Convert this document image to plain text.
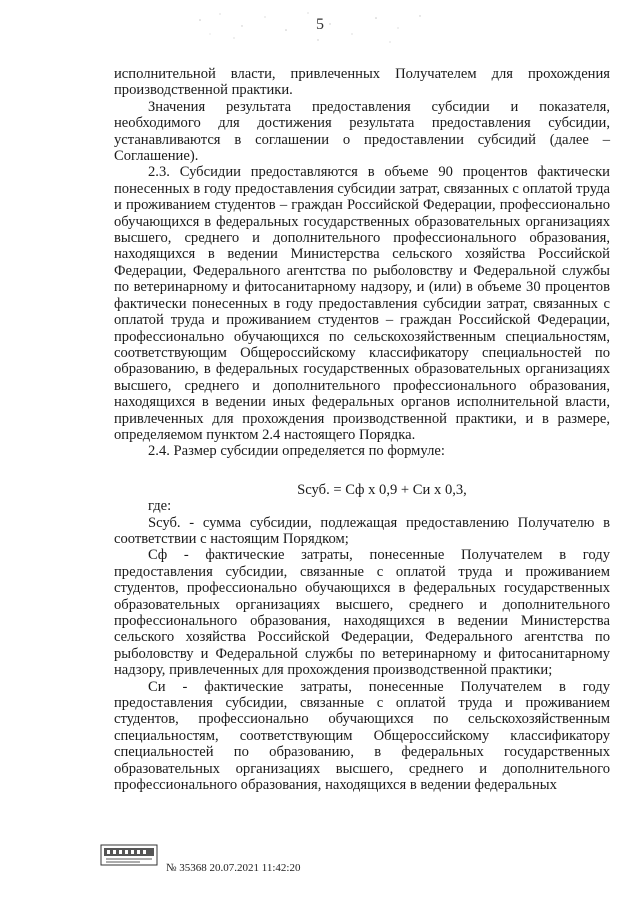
5

исполнительной власти, привлеченных Получателем для прохождения производственной практики.

Значения результата предоставления субсидии и показателя, необходимого для достижения результата предоставления субсидии, устанавливаются в соглашении о предоставлении субсидий (далее – Соглашение).

2.3. Субсидии предоставляются в объеме 90 процентов фактически понесенных в году предоставления субсидии затрат, связанных с оплатой труда и проживанием студентов – граждан Российской Федерации, профессионально обучающихся в федеральных государственных образовательных организациях высшего, среднего и дополнительного профессионального образования, находящихся в ведении Министерства сельского хозяйства Российской Федерации, Федерального агентства по рыболовству и Федеральной службы по ветеринарному и фитосанитарному надзору, и (или) в объеме 30 процентов фактически понесенных в году предоставления субсидии затрат, связанных с оплатой труда и проживанием студентов – граждан Российской Федерации, профессионально обучающихся по сельскохозяйственным специальностям, соответствующим Общероссийскому классификатору специальностей по образованию, в федеральных государственных образовательных организациях высшего, среднего и дополнительного профессионального образования, находящихся в ведении иных федеральных органов исполнительной власти, привлеченных для прохождения производственной практики, и в размере, определяемом пунктом 2.4 настоящего Порядка.

2.4. Размер субсидии определяется по формуле:

Sсуб. = Сф х 0,9 + Си х 0,3,

где:

Sсуб. - сумма субсидии, подлежащая предоставлению Получателю в соответствии с настоящим Порядком;

Сф - фактические затраты, понесенные Получателем в году предоставления субсидии, связанные с оплатой труда и проживанием студентов, профессионально обучающихся в федеральных государственных образовательных организациях высшего, среднего и дополнительного профессионального образования, находящихся в ведении Министерства сельского хозяйства Российской Федерации, Федерального агентства по рыболовству и Федеральной службы по ветеринарному и фитосанитарному надзору, привлеченных для прохождения производственной практики;

Си - фактические затраты, понесенные Получателем в году предоставления субсидии, связанные с оплатой труда и проживанием студентов, профессионально обучающихся по сельскохозяйственным специальностям, соответствующим Общероссийскому классификатору специальностей по образованию, в федеральных государственных образовательных организациях высшего, среднего и дополнительного профессионального образования, находящихся в ведении федеральных

№ 35368 20.07.2021 11:42:20
